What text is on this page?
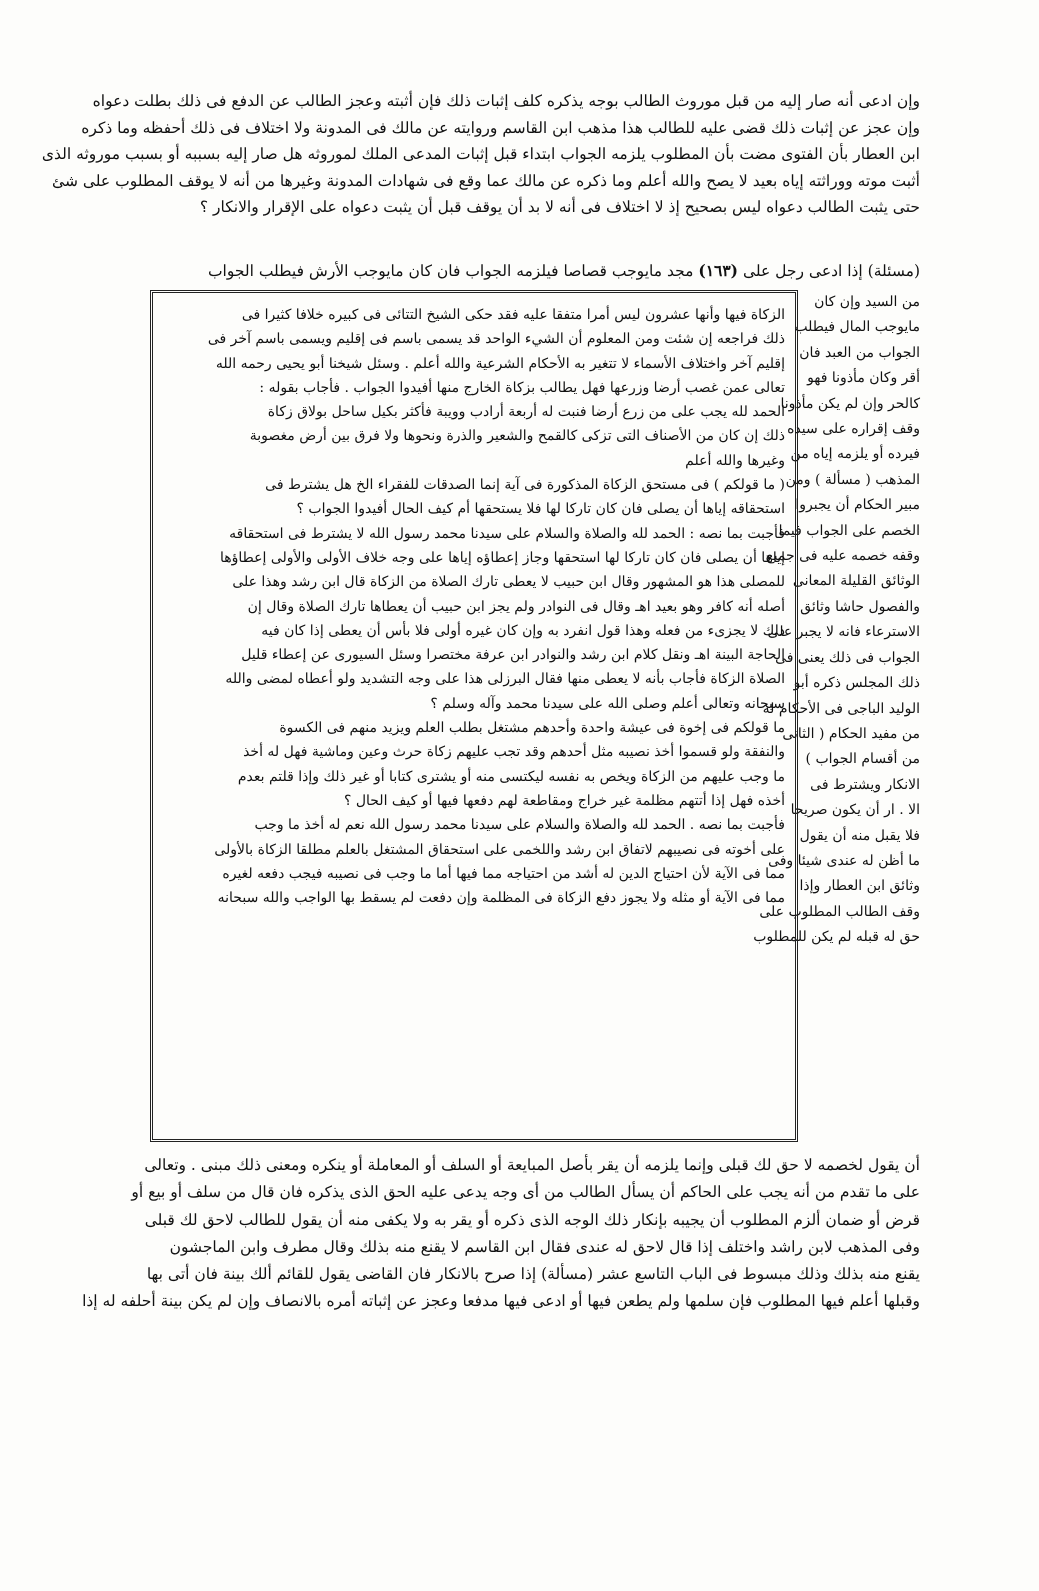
وإن ادعى أنه صار إليه من قبل موروث الطالب بوجه يذكره كلف إثبات ذلك فإن أثبته وعجز الطالب عن الدفع فى ذلك بطلت دعواه
وإن عجز عن إثبات ذلك قضى عليه للطالب هذا مذهب ابن القاسم وروايته عن مالك فى المدونة ولا اختلاف فى ذلك أحفظه وما ذكره
ابن العطار بأن الفتوى مضت بأن المطلوب يلزمه الجواب ابتداء قبل إثبات المدعى الملك لموروثه هل صار إليه بسببه أو بسبب موروثه الذى
أثبت موته ووراثته إياه بعيد لا يصح والله أعلم وما ذكره عن مالك عما وقع فى شهادات المدونة وغيرها من أنه لا يوقف المطلوب على شئ
حتى يثبت الطالب دعواه ليس بصحيح إذ لا اختلاف فى أنه لا بد أن يوقف قبل أن يثبت دعواه على الإقرار والانكار ؟
(مسئلة) إذا ادعى رجل على (١٦٣) مجد مايوجب قصاصا فيلزمه الجواب فان كان مايوجب الأرش فيطلب الجواب
من السيد وإن كان
مايوجب المال فيطلب
الجواب من العبد فان
أقر وكان مأذونا فهو
كالحر وإن لم يكن مأذونا
وقف إقراره على سيده
فيرده أو يلزمه إياه من
المذهب ( مسألة ) ومن
مبير الحكام أن يجبروا
الخصم على الجواب فيما
وقفه خصمه عليه فى جميع
الوثائق القليلة المعانى
والفصول حاشا وثائق
الاسترعاء فانه لا يجبر على
الجواب فى ذلك يعنى فى
ذلك المجلس ذكره أبو
الوليد الباجى فى الأحكام له
من مفيد الحكام ( الثانى
من أقسام الجواب )
الانكار ويشترط فى
الا . ار أن يكون صريحا
فلا يقبل منه أن يقول
ما أظن له عندى شيئا وفى
وثائق ابن العطار وإذا
وقف الطالب المطلوب على
حق له قبله لم يكن للمطلوب
الزكاة فيها وأنها عشرون ليس أمرا متفقا عليه فقد حكى الشيخ التتائى فى كبيره خلافا كثيرا فى
ذلك فراجعه إن شئت ومن المعلوم أن الشيء الواحد قد يسمى باسم فى إقليم ويسمى باسم آخر فى
إقليم آخر واختلاف الأسماء لا تتغير به الأحكام الشرعية والله أعلم . وسئل شيخنا أبو يحيى رحمه الله
تعالى عمن غصب أرضا وزرعها فهل يطالب بزكاة الخارج منها أفيدوا الجواب . فأجاب بقوله :
الحمد لله يجب على من زرع أرضا فنبت له أربعة أرادب وويبة فأكثر بكيل ساحل بولاق زكاة
ذلك إن كان من الأصناف التى تزكى كالقمح والشعير والذرة ونحوها ولا فرق بين أرض مغصوبة
وغيرها والله أعلم
( ما قولكم ) فى مستحق الزكاة المذكورة فى آية إنما الصدقات للفقراء الخ هل يشترط فى
استحقاقه إياها أن يصلى فان كان تاركا لها فلا يستحقها أم كيف الحال أفيدوا الجواب ؟
فأجبت بما نصه : الحمد لله والصلاة والسلام على سيدنا محمد رسول الله لا يشترط فى استحقاقه
إياها أن يصلى فان كان تاركا لها استحقها وجاز إعطاؤه إياها على وجه خلاف الأولى والأولى إعطاؤها
للمصلى هذا هو المشهور وقال ابن حبيب لا يعطى تارك الصلاة من الزكاة قال ابن رشد وهذا على
أصله أنه كافر وهو بعيد اهـ وقال فى النوادر ولم يجز ابن حبيب أن يعطاها تارك الصلاة وقال إن
ذلك لا يجزىء من فعله وهذا قول انفرد به وإن كان غيره أولى فلا بأس أن يعطى إذا كان فيه
الحاجة البينة اهـ ونقل كلام ابن رشد والنوادر ابن عرفة مختصرا وسئل السيورى عن إعطاء قليل
الصلاة الزكاة فأجاب بأنه لا يعطى منها فقال البرزلى هذا على وجه التشديد ولو أعطاه لمضى والله
سبحانه وتعالى أعلم وصلى الله على سيدنا محمد وآله وسلم ؟
ما قولكم فى إخوة فى عيشة واحدة وأحدهم مشتغل بطلب العلم ويزيد منهم فى الكسوة
والنفقة ولو قسموا أخذ نصيبه مثل أحدهم وقد تجب عليهم زكاة حرث وعين وماشية فهل له أخذ
ما وجب عليهم من الزكاة ويخص به نفسه ليكتسى منه أو يشترى كتابا أو غير ذلك وإذا قلتم بعدم
أخذه فهل إذا أتتهم مظلمة غير خراج ومقاطعة لهم دفعها فيها أو كيف الحال ؟
فأجبت بما نصه . الحمد لله والصلاة والسلام على سيدنا محمد رسول الله نعم له أخذ ما وجب
على أخوته فى نصيبهم لاتفاق ابن رشد واللخمى على استحقاق المشتغل بالعلم مطلقا الزكاة بالأولى
مما فى الآية لأن احتياج الدين له أشد من احتياجه مما فيها أما ما وجب فى نصيبه فيجب دفعه لغيره
مما فى الآية أو مثله ولا يجوز دفع الزكاة فى المظلمة وإن دفعت لم يسقط بها الواجب والله سبحانه
أن يقول لخصمه لا حق لك قبلى وإنما يلزمه أن يقر بأصل المبايعة أو السلف أو المعاملة أو ينكره ومعنى ذلك مبنى . وتعالى
على ما تقدم من أنه يجب على الحاكم أن يسأل الطالب من أى وجه يدعى عليه الحق الذى يذكره فان قال من سلف أو بيع أو
قرض أو ضمان ألزم المطلوب أن يجيبه بإنكار ذلك الوجه الذى ذكره أو يقر به ولا يكفى منه أن يقول للطالب لاحق لك قبلى
وفى المذهب لابن راشد واختلف إذا قال لاحق له عندى فقال ابن القاسم لا يقنع منه بذلك وقال مطرف وابن الماجشون
يقنع منه بذلك وذلك مبسوط فى الباب التاسع عشر (مسألة) إذا صرح بالانكار فان القاضى يقول للقائم ألك بينة فان أتى بها
وقبلها أعلم فيها المطلوب فإن سلمها ولم يطعن فيها أو ادعى فيها مدفعا وعجز عن إثباته أمره بالانصاف وإن لم يكن بينة أحلفه له إذا
